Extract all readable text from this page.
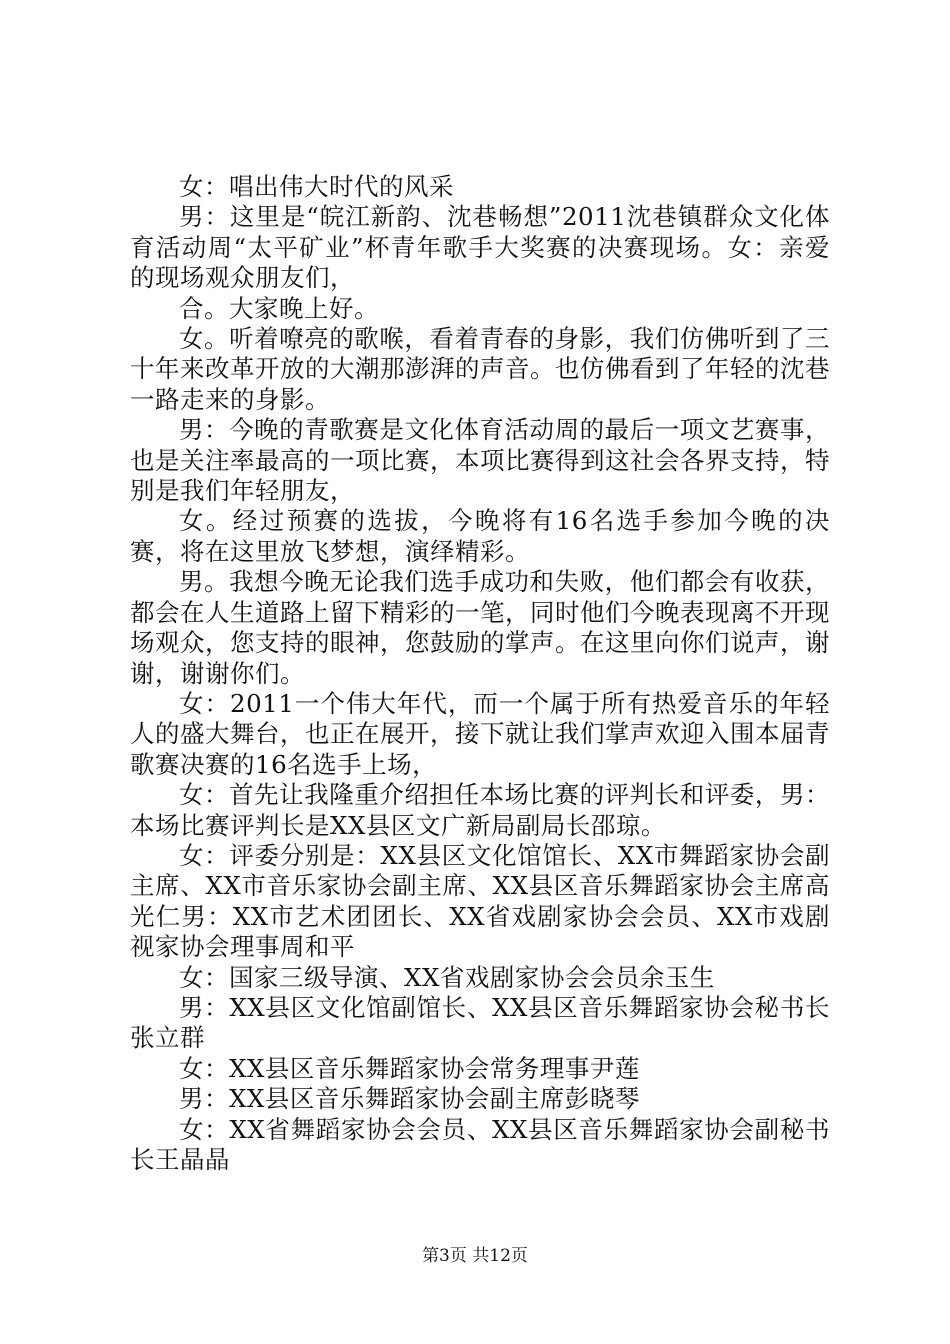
女：唱出伟大时代的风采

男：这里是“皖江新韵、沈巷畅想”2011沈巷镇群众文化体育活动周“太平矿业”杯青年歌手大奖赛的决赛现场。女：亲爱的现场观众朋友们，

合。大家晚上好。

女。听着嘹亮的歌喉，看着青春的身影，我们仿佛听到了三十年来改革开放的大潮那澎湃的声音。也仿佛看到了年轻的沈巷一路走来的身影。

男：今晚的青歌赛是文化体育活动周的最后一项文艺赛事，也是关注率最高的一项比赛，本项比赛得到这社会各界支持，特别是我们年轻朋友，

女。经过预赛的选拔，今晚将有16名选手参加今晚的决赛，将在这里放飞梦想，演绎精彩。

男。我想今晚无论我们选手成功和失败，他们都会有收获，都会在人生道路上留下精彩的一笔，同时他们今晚表现离不开现场观众，您支持的眼神，您鼓励的掌声。在这里向你们说声，谢谢，谢谢你们。

女：2011一个伟大年代，而一个属于所有热爱音乐的年轻人的盛大舞台，也正在展开，接下就让我们掌声欢迎入围本届青歌赛决赛的16名选手上场，

女：首先让我隆重介绍担任本场比赛的评判长和评委，男：本场比赛评判长是XX县区文广新局副局长邵琼。

女：评委分别是：XX县区文化馆馆长、XX市舞蹈家协会副主席、XX市音乐家协会副主席、XX县区音乐舞蹈家协会主席高光仁男：XX市艺术团团长、XX省戏剧家协会会员、XX市戏剧视家协会理事周和平

女：国家三级导演、XX省戏剧家协会会员余玉生

男：XX县区文化馆副馆长、XX县区音乐舞蹈家协会秘书长张立群

女：XX县区音乐舞蹈家协会常务理事尹莲

男：XX县区音乐舞蹈家协会副主席彭晓琴

女：XX省舞蹈家协会会员、XX县区音乐舞蹈家协会副秘书长王晶晶

第3页 共12页
